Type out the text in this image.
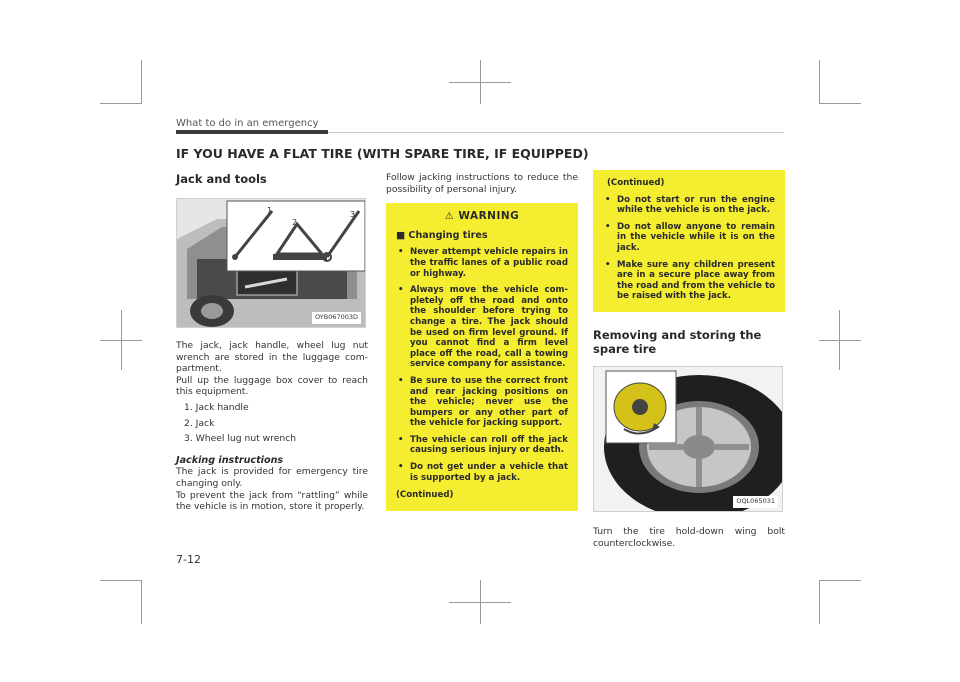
What to do in an emergency
IF YOU HAVE A FLAT TIRE (WITH SPARE TIRE, IF EQUIPPED)
Jack and tools
1
2
3
OYB067003D
The jack, jack handle, wheel lug nut wrench are stored in the luggage com- partment.
Pull up the luggage box cover to reach this equipment.
1. Jack handle
2. Jack
3. Wheel lug nut wrench
Jacking instructions
The jack is provided for emergency tire changing only.
To prevent the jack from “rattling” while the vehicle is in motion, store it properly.
Follow jacking instructions to reduce the possibility of personal injury.
⚠ WARNING
■ Changing tires
• Never attempt vehicle repairs in the traffic lanes of a public road or highway.
• Always move the vehicle com- pletely off the road and onto the shoulder before trying to change a tire. The jack should be used on firm level ground. If you cannot find a firm level place off the road, call a towing service company for assistance.
• Be sure to use the correct front and rear jacking positions on the vehicle; never use the bumpers or any other part of the vehicle for jacking support.
• The vehicle can roll off the jack causing serious injury or death.
• Do not get under a vehicle that is supported by a jack.
(Continued)
(Continued)
• Do not start or run the engine while the vehicle is on the jack.
• Do not allow anyone to remain in the vehicle while it is on the jack.
• Make sure any children present are in a secure place away from the road and from the vehicle to be raised with the jack.
Removing and storing the spare tire
OQL065031
Turn the tire hold-down wing bolt counterclockwise.
7-12
